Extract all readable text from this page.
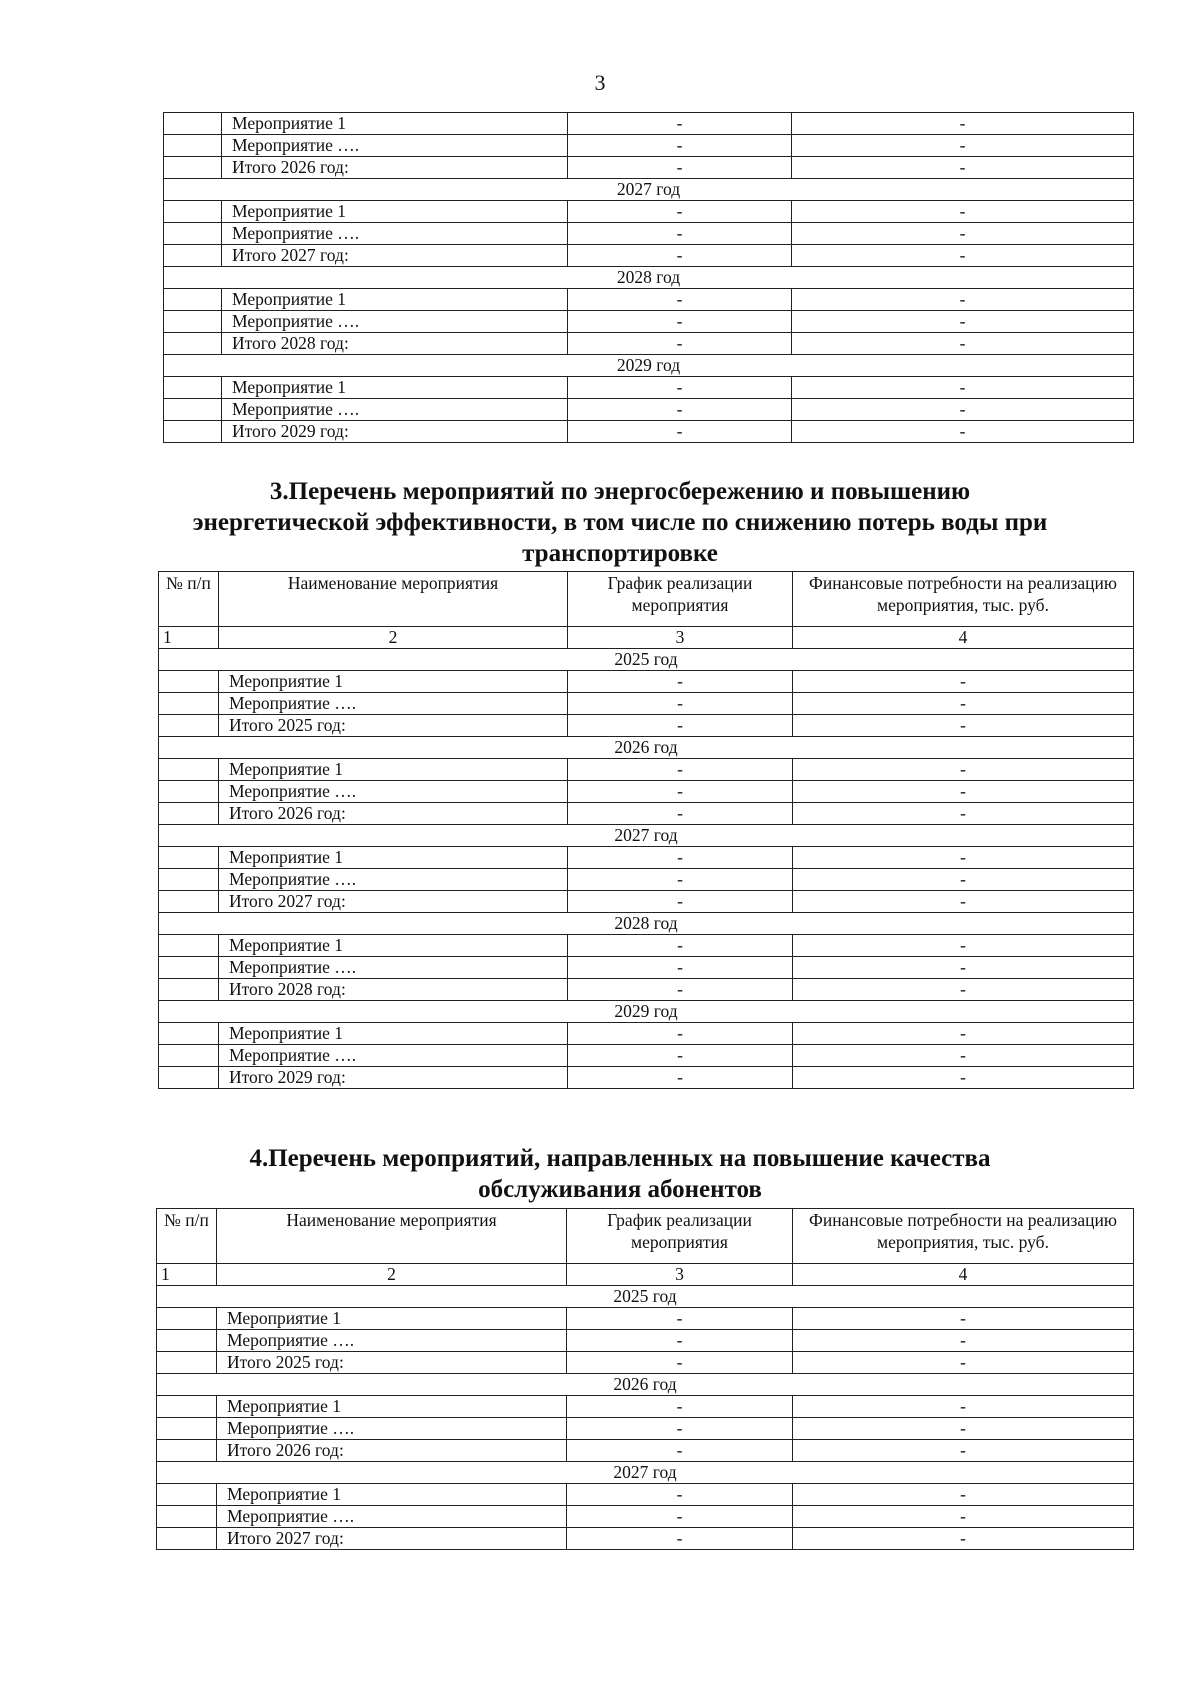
3
	Мероприятие 1	-	-
	Мероприятие ….	-	-
	Итого 2026 год:	-	-
2027 год			
	Мероприятие 1	-	-
	Мероприятие ….	-	-
	Итого 2027 год:	-	-
2028 год			
	Мероприятие 1	-	-
	Мероприятие ….	-	-
	Итого 2028 год:	-	-
2029 год			
	Мероприятие 1	-	-
	Мероприятие ….	-	-
	Итого 2029 год:	-	-
3.Перечень мероприятий по энергосбережению и повышению
энергетической эффективности, в том числе по снижению потерь воды при
транспортировке
№ п/п	Наименование мероприятия	График реализации мероприятия	Финансовые потребности на реализацию мероприятия, тыс. руб.
1	2	3	4
2025 год			
	Мероприятие 1	-	-
	Мероприятие ….	-	-
	Итого 2025 год:	-	-
2026 год			
	Мероприятие 1	-	-
	Мероприятие ….	-	-
	Итого 2026 год:	-	-
2027 год			
	Мероприятие 1	-	-
	Мероприятие ….	-	-
	Итого 2027 год:	-	-
2028 год			
	Мероприятие 1	-	-
	Мероприятие ….	-	-
	Итого 2028 год:	-	-
2029 год			
	Мероприятие 1	-	-
	Мероприятие ….	-	-
	Итого 2029 год:	-	-
4.Перечень мероприятий, направленных на повышение качества
обслуживания абонентов
№ п/п	Наименование мероприятия	График реализации мероприятия	Финансовые потребности на реализацию мероприятия, тыс. руб.
1	2	3	4
2025 год			
	Мероприятие 1	-	-
	Мероприятие ….	-	-
	Итого 2025 год:	-	-
2026 год			
	Мероприятие 1	-	-
	Мероприятие ….	-	-
	Итого 2026 год:	-	-
2027 год			
	Мероприятие 1	-	-
	Мероприятие ….	-	-
	Итого 2027 год:	-	-
